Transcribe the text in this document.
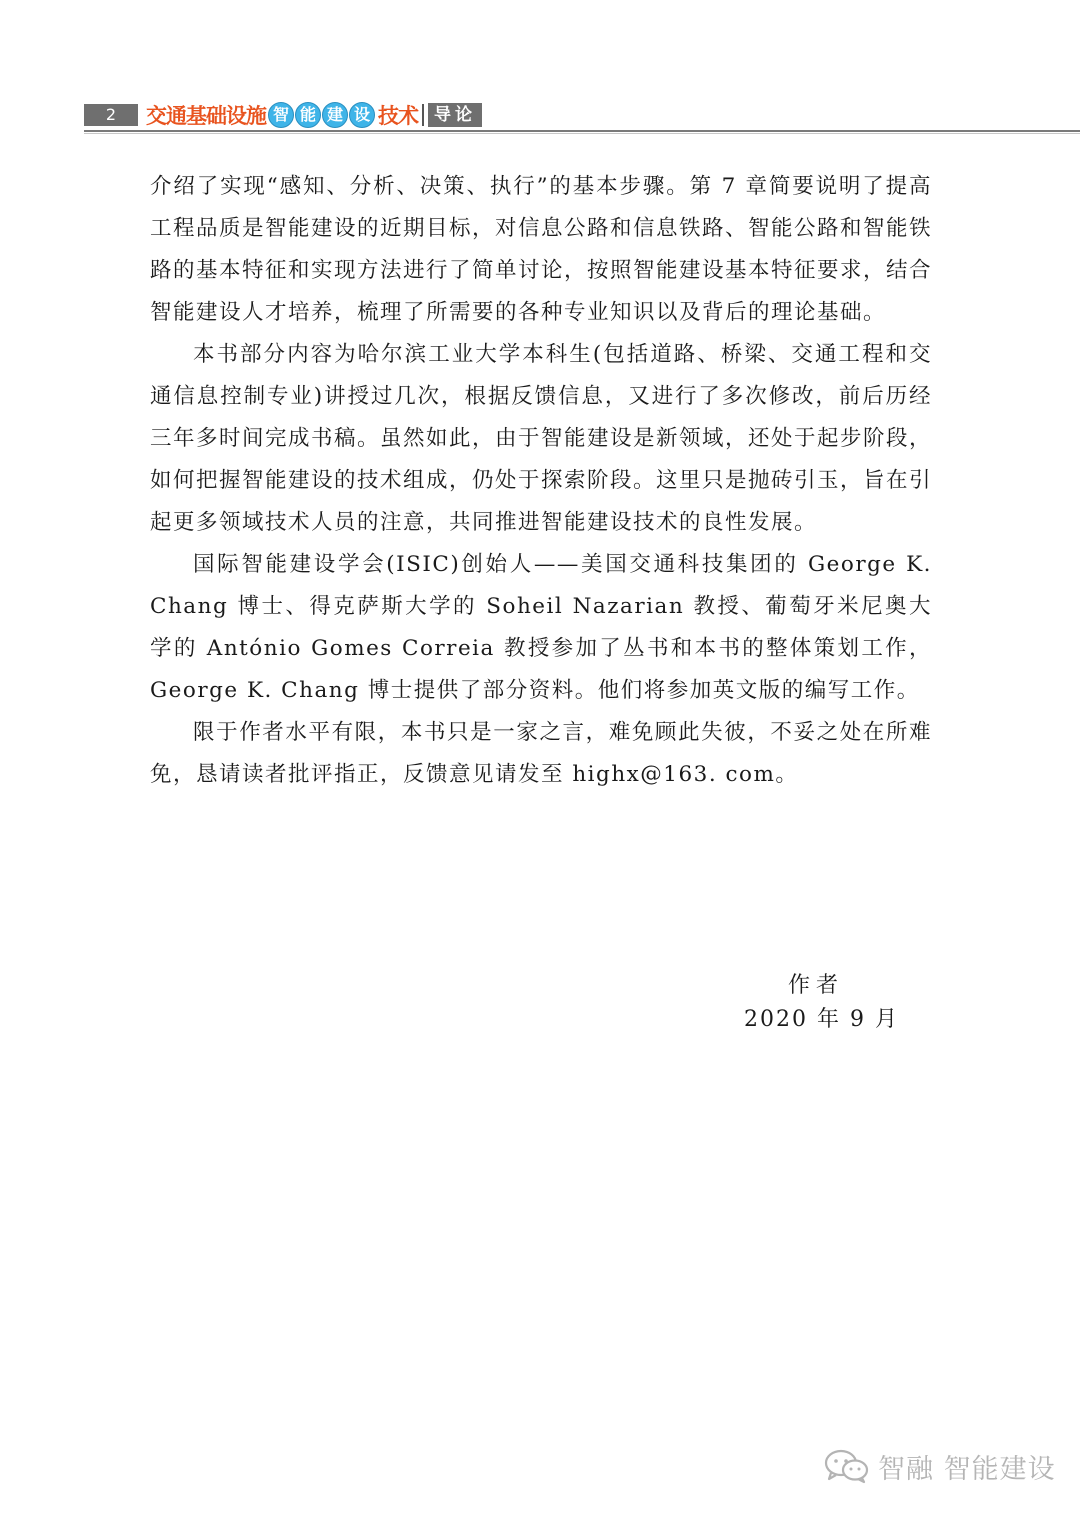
2	交通基础设施 智 能 建 设 技术 导论

介绍了实现“感知、分析、决策、执行”的基本步骤。第 7 章简要说明了提高工程品质是智能建设的近期目标，对信息公路和信息铁路、智能公路和智能铁路的基本特征和实现方法进行了简单讨论，按照智能建设基本特征要求，结合智能建设人才培养，梳理了所需要的各种专业知识以及背后的理论基础。

本书部分内容为哈尔滨工业大学本科生(包括道路、桥梁、交通工程和交通信息控制专业)讲授过几次，根据反馈信息，又进行了多次修改，前后历经三年多时间完成书稿。虽然如此，由于智能建设是新领域，还处于起步阶段，如何把握智能建设的技术组成，仍处于探索阶段。这里只是抛砖引玉，旨在引起更多领域技术人员的注意，共同推进智能建设技术的良性发展。

国际智能建设学会(ISIC)创始人——美国交通科技集团的 George K. Chang 博士、得克萨斯大学的 Soheil Nazarian 教授、葡萄牙米尼奥大学的 António Gomes Correia 教授参加了丛书和本书的整体策划工作，George K. Chang 博士提供了部分资料。他们将参加英文版的编写工作。

限于作者水平有限，本书只是一家之言，难免顾此失彼，不妥之处在所难免，恳请读者批评指正，反馈意见请发至 highx@163. com。

作者
2020 年 9 月
智融 智能建设
